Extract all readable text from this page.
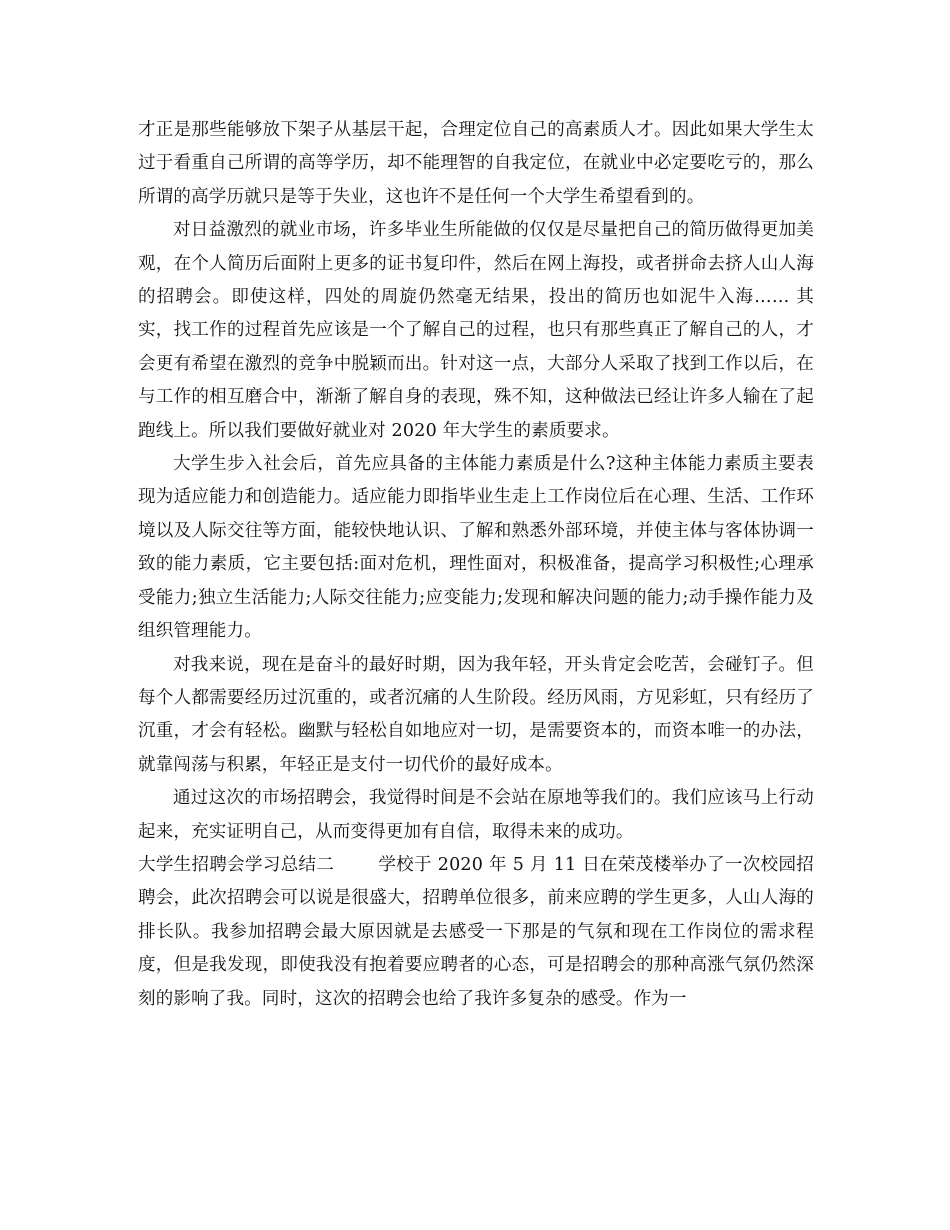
才正是那些能够放下架子从基层干起，合理定位自己的高素质人才。因此如果大学生太过于看重自己所谓的高等学历，却不能理智的自我定位，在就业中必定要吃亏的，那么所谓的高学历就只是等于失业，这也许不是任何一个大学生希望看到的。

对日益激烈的就业市场，许多毕业生所能做的仅仅是尽量把自己的简历做得更加美观，在个人简历后面附上更多的证书复印件，然后在网上海投，或者拼命去挤人山人海的招聘会。即使这样，四处的周旋仍然毫无结果，投出的简历也如泥牛入海…… 其实，找工作的过程首先应该是一个了解自己的过程，也只有那些真正了解自己的人，才会更有希望在激烈的竞争中脱颖而出。针对这一点，大部分人采取了找到工作以后，在与工作的相互磨合中，渐渐了解自身的表现，殊不知，这种做法已经让许多人输在了起跑线上。所以我们要做好就业对 2020 年大学生的素质要求。

大学生步入社会后，首先应具备的主体能力素质是什么?这种主体能力素质主要表现为适应能力和创造能力。适应能力即指毕业生走上工作岗位后在心理、生活、工作环境以及人际交往等方面，能较快地认识、了解和熟悉外部环境，并使主体与客体协调一致的能力素质，它主要包括:面对危机，理性面对，积极准备，提高学习积极性;心理承受能力;独立生活能力;人际交往能力;应变能力;发现和解决问题的能力;动手操作能力及组织管理能力。

对我来说，现在是奋斗的最好时期，因为我年轻，开头肯定会吃苦，会碰钉子。但每个人都需要经历过沉重的，或者沉痛的人生阶段。经历风雨，方见彩虹，只有经历了沉重，才会有轻松。幽默与轻松自如地应对一切，是需要资本的，而资本唯一的办法，就靠闯荡与积累，年轻正是支付一切代价的最好成本。

通过这次的市场招聘会，我觉得时间是不会站在原地等我们的。我们应该马上行动起来，充实证明自己，从而变得更加有自信，取得未来的成功。

大学生招聘会学习总结二	学校于 2020 年 5 月 11 日在荣茂楼举办了一次校园招聘会，此次招聘会可以说是很盛大，招聘单位很多，前来应聘的学生更多，人山人海的排长队。我参加招聘会最大原因就是去感受一下那是的气氛和现在工作岗位的需求程度，但是我发现，即使我没有抱着要应聘者的心态，可是招聘会的那种高涨气氛仍然深刻的影响了我。同时，这次的招聘会也给了我许多复杂的感受。作为一
